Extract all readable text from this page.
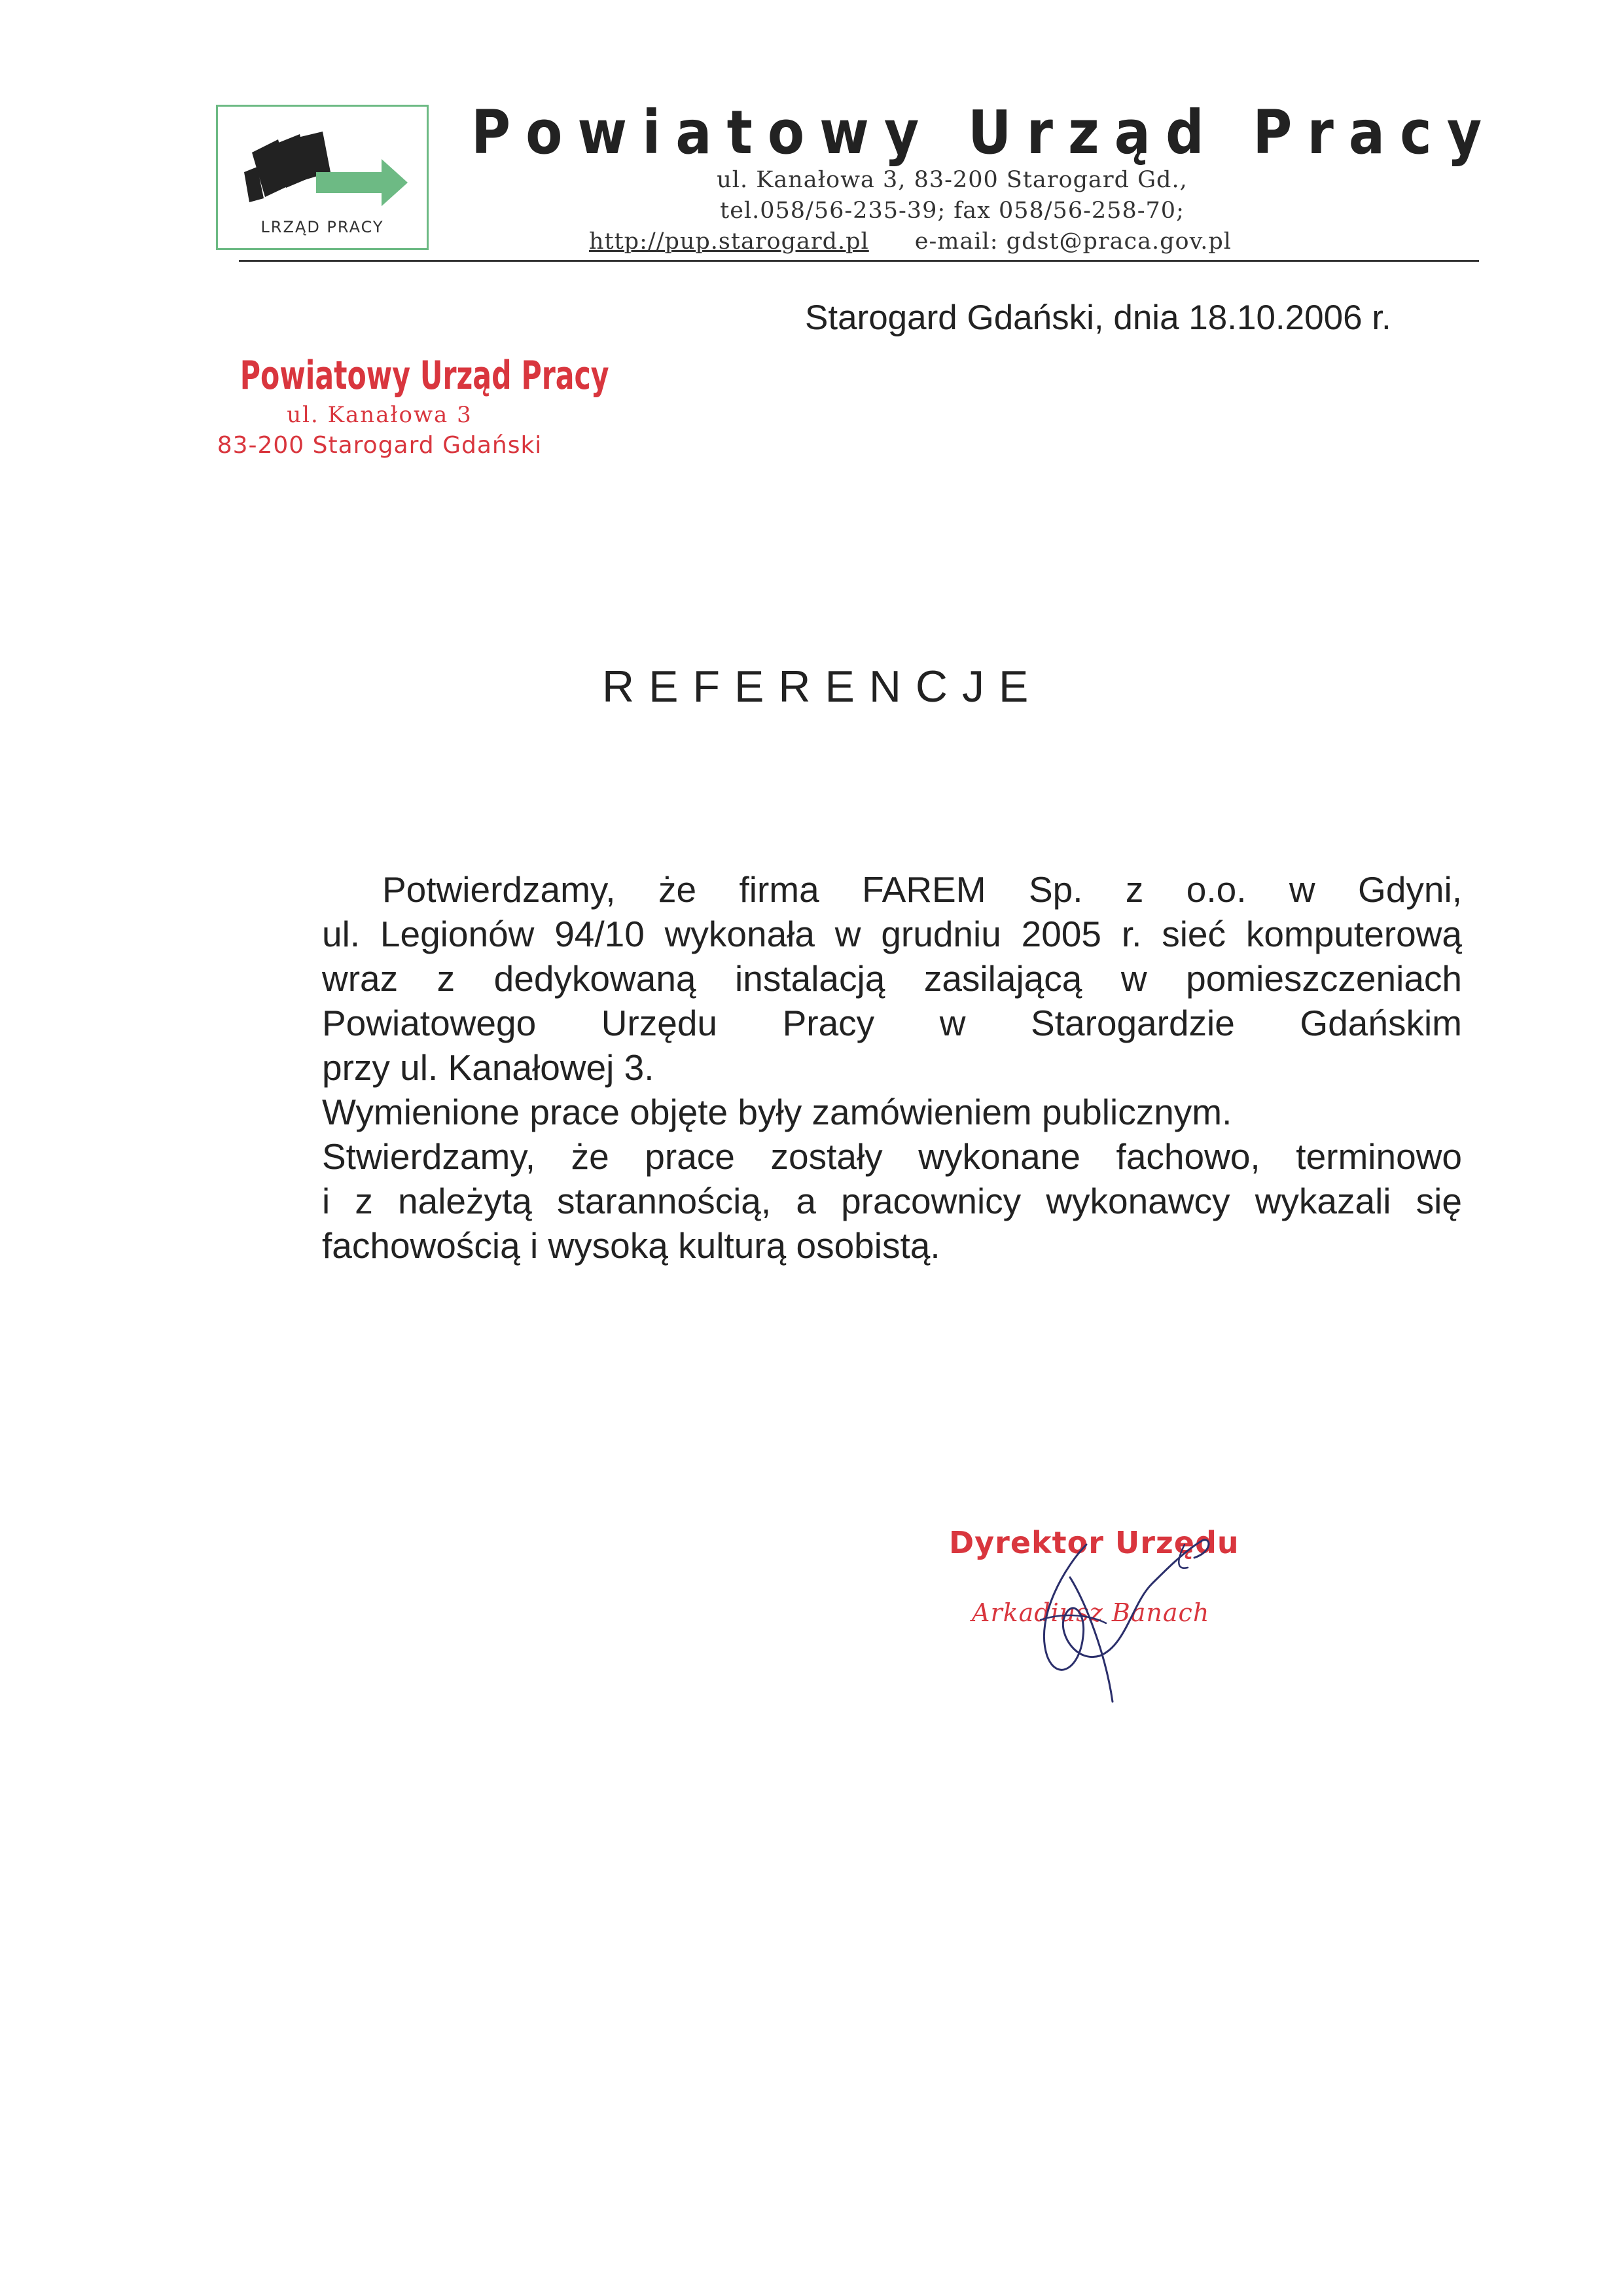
LRZĄD PRACY
Powiatowy Urząd Pracy
ul. Kanałowa 3, 83-200 Starogard Gd.,
tel.058/56-235-39; fax 058/56-258-70;
http://pup.starogard.pl e-mail: gdst@praca.gov.pl
Starogard Gdański, dnia 18.10.2006 r.
Powiatowy Urząd Pracy
ul. Kanałowa 3
83-200 Starogard Gdański
REFERENCJE
Potwierdzamy, że firma FAREM Sp. z o.o. w Gdyni,
ul. Legionów 94/10 wykonała w grudniu 2005 r. sieć komputerową
wraz z dedykowaną instalacją zasilającą w pomieszczeniach
Powiatowego Urzędu Pracy w Starogardzie Gdańskim
przy ul. Kanałowej 3.
Wymienione prace objęte były zamówieniem publicznym.
Stwierdzamy, że prace zostały wykonane fachowo, terminowo
i z należytą starannością, a pracownicy wykonawcy wykazali się
fachowością i wysoką kulturą osobistą.
Dyrektor Urzędu
Arkadiusz Banach
